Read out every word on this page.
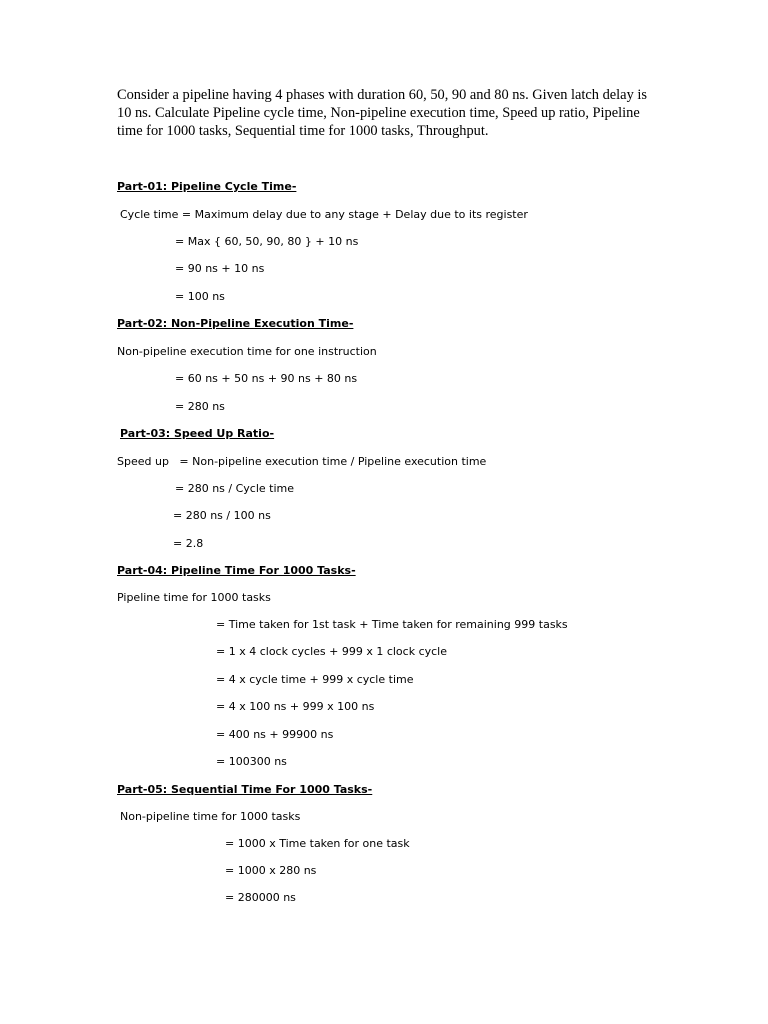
Consider a pipeline having 4 phases with duration 60, 50, 90 and 80 ns. Given latch delay is 10 ns. Calculate Pipeline cycle time, Non-pipeline execution time, Speed up ratio, Pipeline time for 1000 tasks, Sequential time for 1000 tasks, Throughput.

Part-01: Pipeline Cycle Time-
Cycle time = Maximum delay due to any stage + Delay due to its register
= Max { 60, 50, 90, 80 } + 10 ns
= 90 ns + 10 ns
= 100 ns
Part-02: Non-Pipeline Execution Time-
Non-pipeline execution time for one instruction
= 60 ns + 50 ns + 90 ns + 80 ns
= 280 ns
Part-03: Speed Up Ratio-
Speed up   = Non-pipeline execution time / Pipeline execution time
= 280 ns / Cycle time
= 280 ns / 100 ns
= 2.8
Part-04: Pipeline Time For 1000 Tasks-
Pipeline time for 1000 tasks
= Time taken for 1st task + Time taken for remaining 999 tasks
= 1 x 4 clock cycles + 999 x 1 clock cycle
= 4 x cycle time + 999 x cycle time
= 4 x 100 ns + 999 x 100 ns
= 400 ns + 99900 ns
= 100300 ns
Part-05: Sequential Time For 1000 Tasks-
Non-pipeline time for 1000 tasks
= 1000 x Time taken for one task
= 1000 x 280 ns
= 280000 ns
